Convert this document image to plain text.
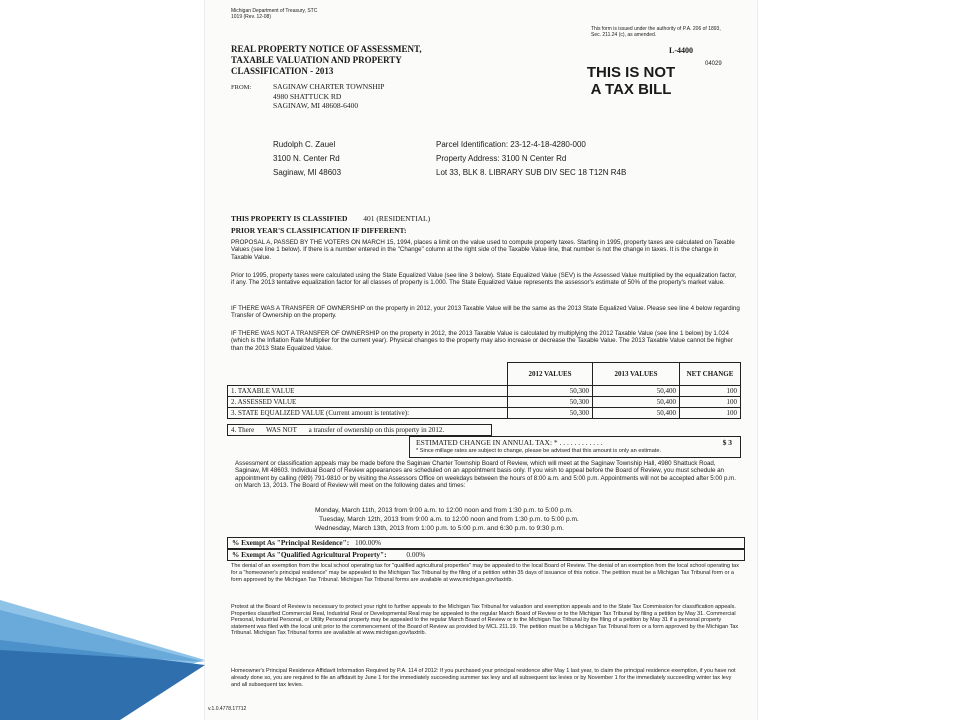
Michigan Department of Treasury, STC
1019 (Rev. 12-08)
REAL PROPERTY NOTICE OF ASSESSMENT,
TAXABLE VALUATION AND PROPERTY
CLASSIFICATION - 2013
This form is issued under the authority of P.A. 206 of 1893, Sec. 211.24 (c), as amended.
L-4400
04029
THIS IS NOT
A TAX BILL
FROM:	SAGINAW CHARTER TOWNSHIP
4980 SHATTUCK RD
SAGINAW, MI 48608-6400
Rudolph C. Zauel
3100 N. Center Rd
Saginaw, MI 48603
Parcel Identification: 23-12-4-18-4280-000
Property Address: 3100 N Center Rd
Lot 33, BLK 8. LIBRARY SUB DIV SEC 18 T12N R4B
THIS PROPERTY IS CLASSIFIED 401 (RESIDENTIAL)
PRIOR YEAR'S CLASSIFICATION IF DIFFERENT:
PROPOSAL A, PASSED BY THE VOTERS ON MARCH 15, 1994, places a limit on the value used to compute property taxes. Starting in 1995, property taxes are calculated on Taxable Values (see line 1 below). If there is a number entered in the "Change" column at the right side of the Taxable Value line, that number is not the change in taxes. It is the change in Taxable Value.
Prior to 1995, property taxes were calculated using the State Equalized Value (see line 3 below). State Equalized Value (SEV) is the Assessed Value multiplied by the equalization factor, if any. The 2013 tentative equalization factor for all classes of property is 1.000. The State Equalized Value represents the assessor's estimate of 50% of the property's market value.
IF THERE WAS A TRANSFER OF OWNERSHIP on the property in 2012, your 2013 Taxable Value will be the same as the 2013 State Equalized Value. Please see line 4 below regarding Transfer of Ownership on the property.
IF THERE WAS NOT A TRANSFER OF OWNERSHIP on the property in 2012, the 2013 Taxable Value is calculated by multiplying the 2012 Taxable Value (see line 1 below) by 1.024 (which is the Inflation Rate Multiplier for the current year). Physical changes to the property may also increase or decrease the Taxable Value. The 2013 Taxable Value cannot be higher than the 2013 State Equalized Value.
	2012 VALUES	2013 VALUES	NET CHANGE
1. TAXABLE VALUE	50,300	50,400	100
2. ASSESSED VALUE	50,300	50,400	100
3. STATE EQUALIZED VALUE (Current amount is tentative):	50,300	50,400	100
4. There WAS NOT a transfer of ownership on this property in 2012.
ESTIMATED CHANGE IN ANNUAL TAX: * . . . . . . . . . . . .	$ 3
* Since millage rates are subject to change, please be advised that this amount is only an estimate.
Assessment or classification appeals may be made before the Saginaw Charter Township Board of Review, which will meet at the Saginaw Township Hall, 4980 Shattuck Road, Saginaw, MI 48603. Individual Board of Review appearances are scheduled on an appointment basis only. If you wish to appeal before the Board of Review, you must schedule an appointment by calling (989) 791-9810 or by visiting the Assessors Office on weekdays between the hours of 8:00 a.m. and 5:00 p.m. Appointments will not be accepted after 5:00 p.m. on March 13, 2013. The Board of Review will meet on the following dates and times:
Monday, March 11th, 2013 from 9:00 a.m. to 12:00 noon and from 1:30 p.m. to 5:00 p.m.
Tuesday, March 12th, 2013 from 9:00 a.m. to 12:00 noon and from 1:30 p.m. to 5:00 p.m.
Wednesday, March 13th, 2013 from 1:00 p.m. to 5:00 p.m. and 6:30 p.m. to 9:30 p.m.
% Exempt As "Principal Residence": 100.00%
% Exempt As "Qualified Agricultural Property":	0.00%
The denial of an exemption from the local school operating tax for "qualified agricultural properties" may be appealed to the local Board of Review. The denial of an exemption from the local school operating tax for a "homeowner's principal residence" may be appealed to the Michigan Tax Tribunal by the filing of a petition within 35 days of issuance of this notice. The petition must be a Michigan Tax Tribunal form or a form approved by the Michigan Tax Tribunal. Michigan Tax Tribunal forms are available at www.michigan.gov/taxtrib.
Protest at the Board of Review is necessary to protect your right to further appeals to the Michigan Tax Tribunal for valuation and exemption appeals and to the State Tax Commission for classification appeals. Properties classified Commercial Real, Industrial Real or Developmental Real may be appealed to the regular March Board of Review or to the Michigan Tax Tribunal by filing a petition by May 31. Commercial Personal, Industrial Personal, or Utility Personal property may be appealed to the regular March Board of Review or to the Michigan Tax Tribunal by the filing of a petition by May 31 if a personal property statement was filed with the local unit prior to the commencement of the Board of Review as provided by MCL 211.19. The petition must be a Michigan Tax Tribunal form or a form approved by the Michigan Tax Tribunal. Michigan Tax Tribunal forms are available at www.michigan.gov/taxtrib.
Homeowner's Principal Residence Affidavit Information Required by P.A. 114 of 2012: If you purchased your principal residence after May 1 last year, to claim the principal residence exemption, if you have not already done so, you are required to file an affidavit by June 1 for the immediately succeeding summer tax levy and all subsequent tax levies or by November 1 for the immediately succeeding winter tax levy and all subsequent tax levies.
v.1.0.4778.17712
